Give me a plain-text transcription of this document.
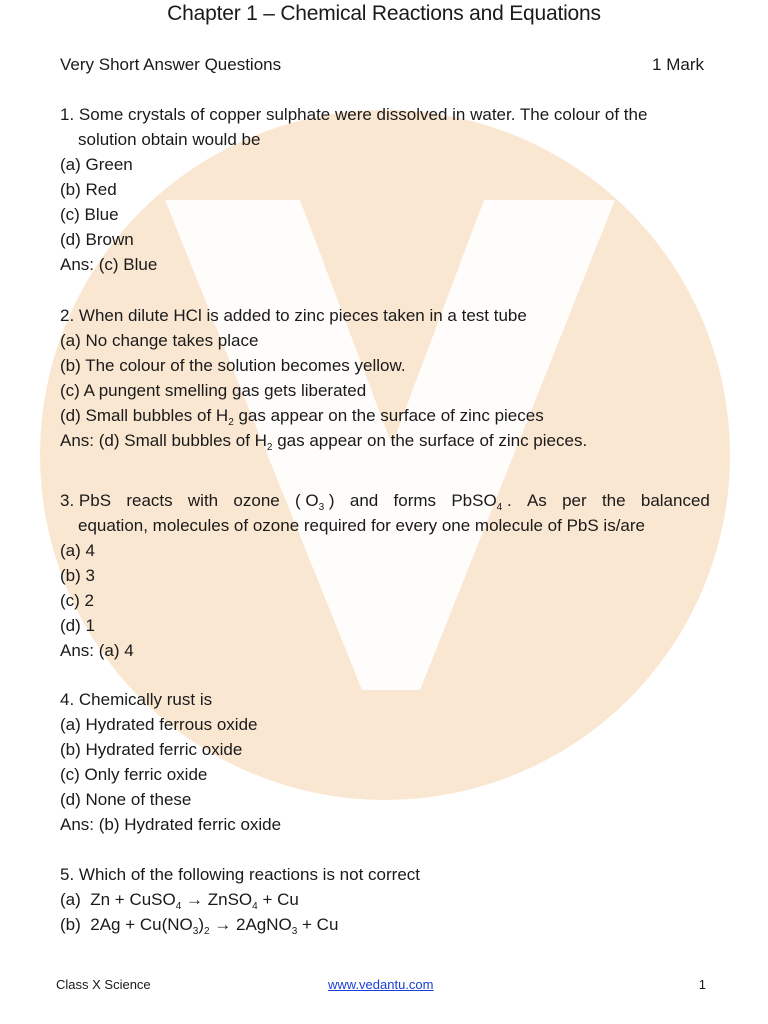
Chapter 1 – Chemical Reactions and Equations
Very Short Answer Questions	1 Mark
1. Some crystals of copper sulphate were dissolved in water. The colour of the
solution obtain would be
(a) Green
(b) Red
(c) Blue
(d) Brown
Ans: (c) Blue
2. When dilute HCl is added to zinc pieces taken in a test tube
(a) No change takes place
(b) The colour of the solution becomes yellow.
(c) A pungent smelling gas gets liberated
(d) Small bubbles of $H_2$ gas appear on the surface of zinc pieces
Ans: (d) Small bubbles of $H_2$ gas appear on the surface of zinc pieces.
3. PbS reacts with ozone ( $O_3$ ) and forms PbSO$_4$ . As per the balanced
equation, molecules of ozone required for every one molecule of PbS is/are
(a) 4
(b) 3
(c) 2
(d) 1
Ans: (a) 4
4. Chemically rust is
(a) Hydrated ferrous oxide
(b) Hydrated ferric oxide
(c) Only ferric oxide
(d) None of these
Ans: (b) Hydrated ferric oxide
5. Which of the following reactions is not correct
(a) Zn + CuSO$_4$ → ZnSO$_4$ + Cu
(b) $2Ag + Cu(NO_3)_2$ → 2AgNO$_3$ + Cu
Class X Science	www.vedantu.com	1
